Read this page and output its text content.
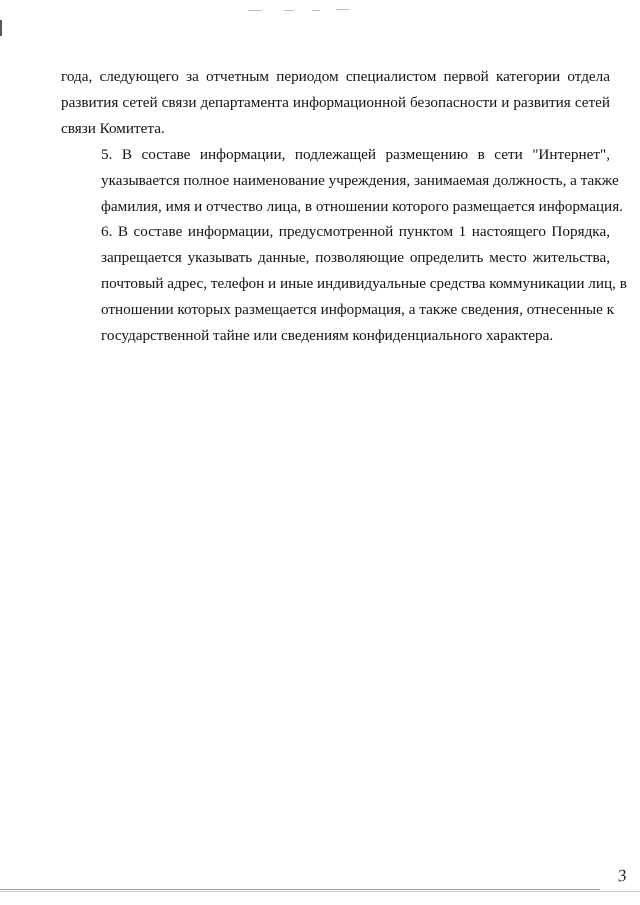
года, следующего за отчетным периодом специалистом первой категории отдела
развития сетей связи департамента информационной безопасности и развития сетей
связи Комитета.

5. В составе информации, подлежащей размещению в сети "Интернет",
указывается полное наименование учреждения, занимаемая должность, а также
фамилия, имя и отчество лица, в отношении которого размещается информация.

6. В составе информации, предусмотренной пунктом 1 настоящего Порядка,
запрещается указывать данные, позволяющие определить место жительства,
почтовый адрес, телефон и иные индивидуальные средства коммуникации лиц, в
отношении которых размещается информация, а также сведения, отнесенные к
государственной тайне или сведениям конфиденциального характера.

3
